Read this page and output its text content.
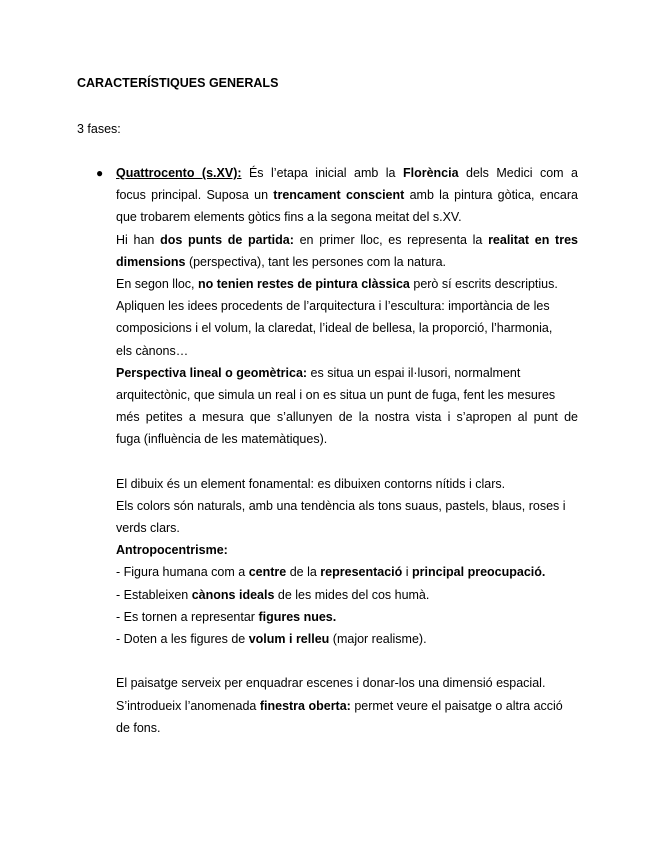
CARACTERÍSTIQUES GENERALS
3 fases:
● Quattrocento (s.XV): És l’etapa inicial amb la Florència dels Medici com a
focus principal. Suposa un trencament conscient amb la pintura gòtica, encara
que trobarem elements gòtics fins a la segona meitat del s.XV.
Hi han dos punts de partida: en primer lloc, es representa la realitat en tres
dimensions (perspectiva), tant les persones com la natura.
En segon lloc, no tenien restes de pintura clàssica però sí escrits descriptius.
Apliquen les idees procedents de l’arquitectura i l’escultura: importància de les
composicions i el volum, la claredat, l’ideal de bellesa, la proporció, l’harmonia,
els cànons…
Perspectiva lineal o geomètrica: es situa un espai il·lusori, normalment
arquitectònic, que simula un real i on es situa un punt de fuga, fent les mesures
més petites a mesura que s’allunyen de la nostra vista i s’apropen al punt de
fuga (influència de les matemàtiques).
El dibuix és un element fonamental: es dibuixen contorns nítids i clars.
Els colors són naturals, amb una tendència als tons suaus, pastels, blaus, roses i
verds clars.
Antropocentrisme:
- Figura humana com a centre de la representació i principal preocupació.
- Estableixen cànons ideals de les mides del cos humà.
- Es tornen a representar figures nues.
- Doten a les figures de volum i relleu (major realisme).
El paisatge serveix per enquadrar escenes i donar-los una dimensió espacial.
S’introdueix l’anomenada finestra oberta: permet veure el paisatge o altra acció
de fons.
